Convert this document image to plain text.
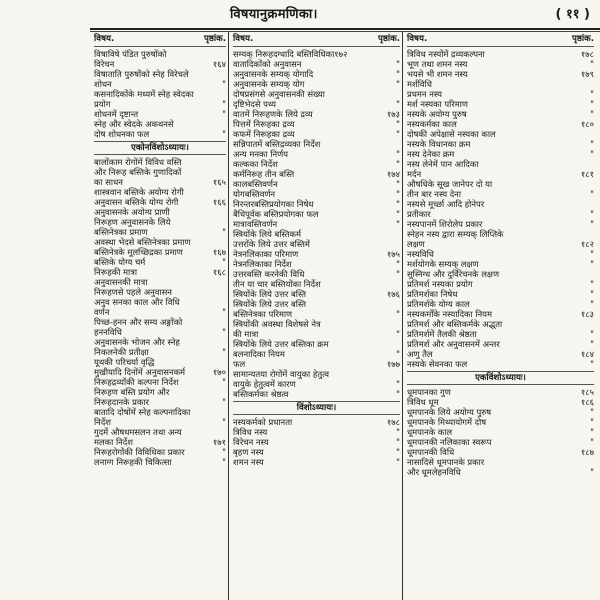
विषयानुक्रमणिका।	( ११ )
विषय.	पृष्ठांक.
विषाविषे पंडित पुरुषोंको
विरेचन	१६४
विषाताति पुरुषोंको स्नेह विरेचले
शोधन	"
कसनादिकोंके मध्यमें स्नेह स्वेदका
प्रयोग	"
शोधनमें दृष्टान्त	"
स्नेह और स्वेदके अकथनसे
दोष शोधनका फल	"
एकोनविंशोऽध्यायः।
बालोंकाम रोगोंमें विविध वस्ति
और निरूह बस्तिके गुणादिकों
का साधन	१६५
शास्त्रवान बस्तिके अयोग्य रोगी
अनुवासन बस्तिके योग्य रोगी	१६६
अनुवासनके अयोग्य प्राणी
निरूहण अनुवासनके लिये
बस्तिनेत्रका प्रमाण	"
अवस्था भेदसे बस्तिनेत्रका प्रमाण
बस्तिनेत्रके मूलच्छिद्रका प्रमाण	१६७
बस्तिके योग्य चर्म	"
निरूहकी मात्रा	१६८
अनुवासनकी मात्रा
निरूहणसे पहले अनुवासन
अनुव सनका काल और विधि
वर्णन	"
पिच्छ-हनन और सम्य अङ्गोंको
हननविधि	"
अनुवासनके भोजन और स्नेह
निकलनेकी प्रतीक्षा	"
यूथकी परिचर्या वृद्धि
मुखीयादि दिनोंमें अनुवासनकर्म	१७०
निरूहद्रव्योंकी कल्पना निर्देश	"
निरूहण बस्ति प्रयोग और
निरूहदानके प्रकार	"
बातादि दोषोंमें स्नेह कल्पनादिका
निर्देश	"
गुदमें औषधमसलन तथा अन्य
मलका निर्देश	१७१
निरूहरोगोंकी विविधिका प्रकार	"
लनाग्ग निरूहकी चिकित्सा	"
विषय.	पृष्ठांक.
सम्यक् निरूहदग्धादि बस्तिविधिका१७२
वातादिकोंको अनुवासन	"
अनुवासनके सम्यक् योगादि	"
अनुवासनके सम्यक् योग	"
दोषप्रसंगसे अनुवासनकी संख्या
दृष्टिभेदसे पथ्य	"
वातमें निरूहणके लिये द्रव्य	१७३
पित्तमें निरूहका द्रव्य	"
कफमें निरूहका द्रव्य	"
सन्निपातमें बस्तिद्रव्यका निर्देश
अन्य मनका निर्णय	"
कल्कका निर्देश	"
कर्मनिरूह तीन बस्ति	१७४
कालबस्तिवर्णन	"
योगबस्तिवर्णन	"
निरन्तरबस्तिप्रयोगका निषेध	"
बैधिपूर्वक बस्तिप्रयोगका फल	"
मात्रावस्तिवर्णन	"
स्त्रियोंके लिये बस्तिकर्म
उत्तरोंके लिये उत्तर बस्तिमें
नेत्रनलिकाका परिमाण	१७५
नेत्रनलिकाका निर्देश	"
उत्तरबस्ति करनेकी विधि	"
तीन या चार बस्तियोंका निर्देश
स्त्रियोंके लिये उत्तर बस्ति	१७६
स्त्रियोंके लिये उत्तर बस्ति
बस्तिनेत्रका परिमाण	"
स्त्रियोंकी अवस्था विशेषसे नेत्र
की मात्रा	"
स्त्रियोंके लिये उत्तर बस्तिका क्रम
बलनादिका नियम	"
फल	१७७
सामान्यतया रोगोंमें वायुका हेतुत्व
वायुके हेतुत्वमें कारण	"
बस्तिकर्मका श्रेष्ठत्व	"
विंशोऽध्यायः।
नस्यकर्मको प्रधानता	१७८
त्रिविध नस्य	"
विरेचन नस्य	"
बृहण नस्य	"
शमन नस्य	"
विषय.	पृष्ठांक.
त्रिविध नस्योंमें द्रव्यकल्पना	१७८
भूण तथा शमन नस्य	"
भयसे भी शमन नस्य	१७९
मर्शविधि
प्रधमन नस्य	"
मर्श नस्यका परिमाण	"
नस्यके अयोग्य पुरुष	"
नस्यकर्मका काल	१८०
दोषकी अपेक्षासे नस्यका काल
नस्यके विधानका क्रम	"
नस्य देनेका क्रम	"
नस्य लेनेमें पान आदिका
मर्दन	१८१
औषधिके सूख जानेपर दो या
तीन बार नस्य देना	"
नस्यसे मूर्च्छा आदि होनेपर
प्रतीकार	"
नस्यपानमें शिरोलेप प्रकार	"
स्नेहन नस्य द्वारा सम्यक् लिप्तिके
लक्षण	१८२
नस्यविधि	"
मर्शयोगके सम्यक् लक्षण	"
सुस्निग्ध और दुर्विरेचनके लक्षण
प्रतिमर्श नस्यका प्रयोग	"
प्रतिमर्शका निषेध	"
प्रतिमर्शके योग्य काल	"
नस्यकर्मोंके नस्यादिका नियम	१८३
प्रतिमर्श और बस्तिकर्मके अद्भुता
प्रतिमर्शमें तैलकी श्रेष्ठता	"
प्रतिमर्श और अनुवासनमें अन्तर	"
अणु तैल	१८४
नस्यके सेवनका फल	"
एकविंशोऽध्यायः।
धूमपानका गुण	१८५
त्रिविध धूम	१८६
धूमपानके लिये अयोग्य पुरुष	"
धूमपानके मिथ्यायोगमें दोष	"
धूमपानके काल	"
धूमपानकी नलिकाका स्वरूप	"
धूमपानकी विधि	१८७
नासादिसे धूमपानके प्रकार
और धूमलेहनविधि	"
